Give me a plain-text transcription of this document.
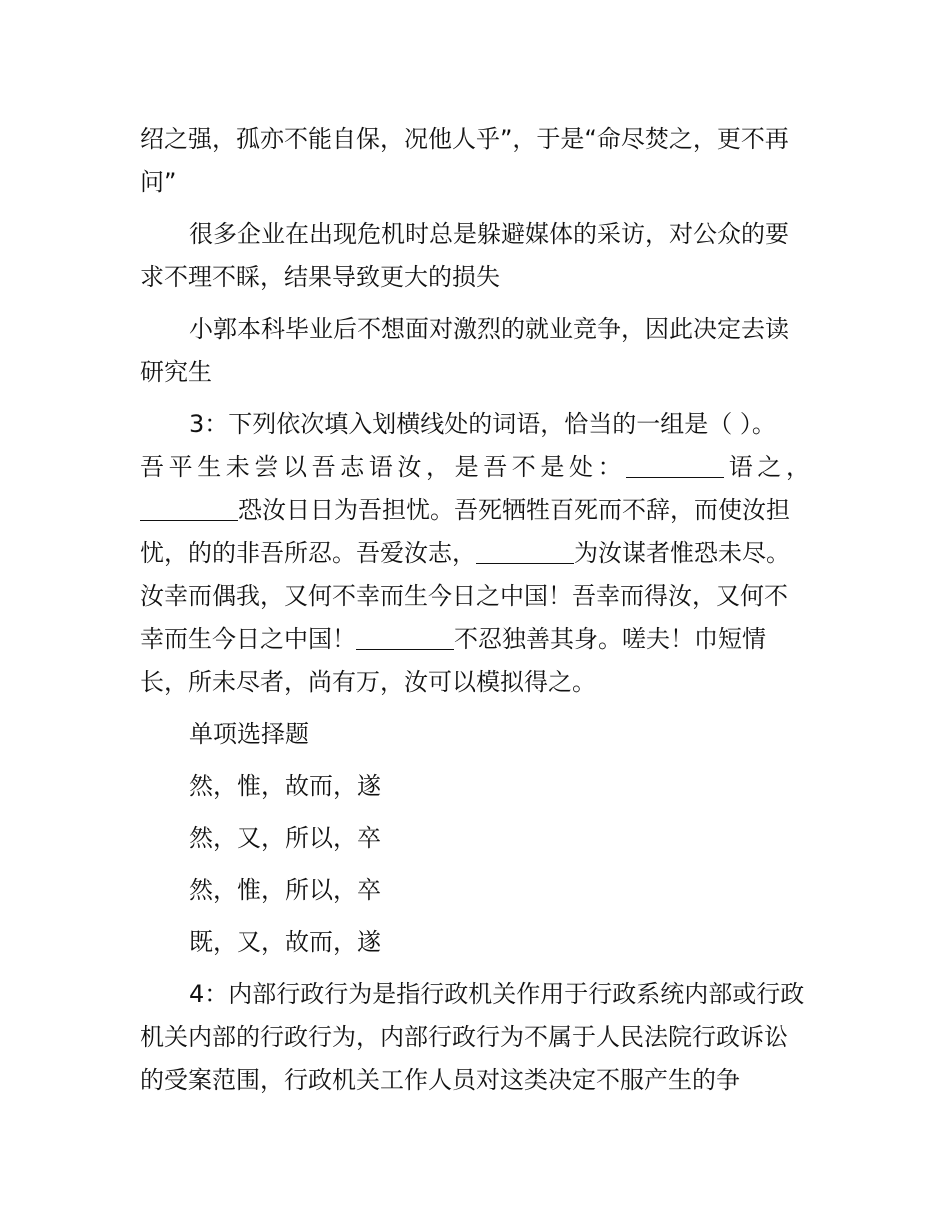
绍之强，孤亦不能自保，况他人乎”，于是“命尽焚之，更不再问”

很多企业在出现危机时总是躲避媒体的采访，对公众的要求不理不睬，结果导致更大的损失

小郭本科毕业后不想面对激烈的就业竞争，因此决定去读研究生

3：下列依次填入划横线处的词语，恰当的一组是（ ）。

吾平生未尝以吾志语汝，是吾不是处：	语之，
恐汝日日为吾担忧。吾死牺牲百死而不辞，而使汝担忧，的的非吾所忍。吾爱汝志，	为汝谋者惟恐未尽。汝幸而偶我，又何不幸而生今日之中国！吾幸而得汝，又何不幸而生今日之中国！	不忍独善其身。嗟夫！巾短情长，所未尽者，尚有万，汝可以模拟得之。

单项选择题

然，惟，故而，遂

然，又，所以，卒

然，惟，所以，卒

既，又，故而，遂

4：内部行政行为是指行政机关作用于行政系统内部或行政机关内部的行政行为，内部行政行为不属于人民法院行政诉讼的受案范围，行政机关工作人员对这类决定不服产生的争
